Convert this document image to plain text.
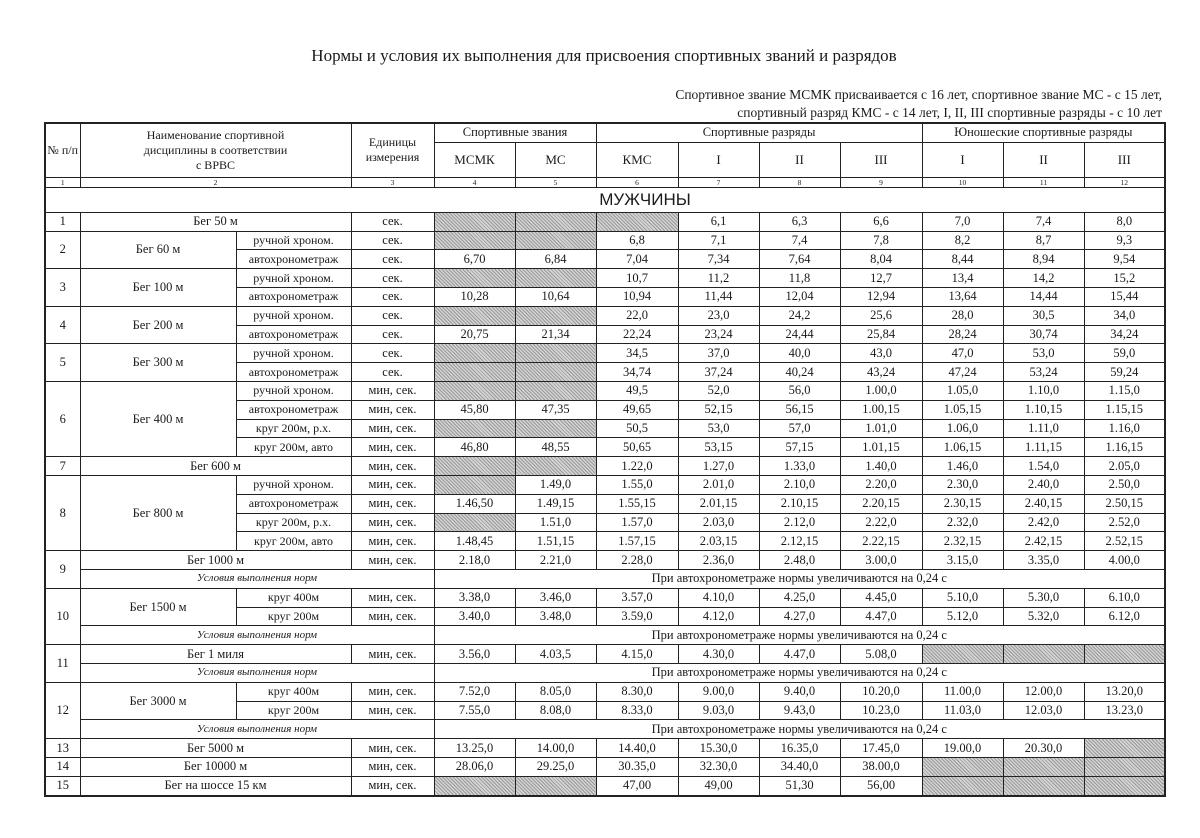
Нормы и условия их выполнения для присвоения спортивных званий и разрядов
Спортивное звание МСМК присваивается с 16 лет, спортивное звание МС - с 15 лет,
спортивный разряд КМС - с 14 лет, I, II, III спортивные разряды - с 10 лет
№ п/п	Наименование спортивной дисциплины в соответствии с ВРВС		Единицы измерения	Спортивные звания		Спортивные разряды				Юношеские спортивные разряды		
				МСМК	МС	КМС	I	II	III	I	II	III
1	2		3	4	5	6	7	8	9	10	11	12
МУЖЧИНЫ												
1	Бег 50 м		сек.				6,1	6,3	6,6	7,0	7,4	8,0
2	Бег 60 м	ручной хроном.	сек.			6,8	7,1	7,4	7,8	8,2	8,7	9,3
		автохронометраж	сек.	6,70	6,84	7,04	7,34	7,64	8,04	8,44	8,94	9,54
3	Бег 100 м	ручной хроном.	сек.			10,7	11,2	11,8	12,7	13,4	14,2	15,2
		автохронометраж	сек.	10,28	10,64	10,94	11,44	12,04	12,94	13,64	14,44	15,44
4	Бег 200 м	ручной хроном.	сек.			22,0	23,0	24,2	25,6	28,0	30,5	34,0
		автохронометраж	сек.	20,75	21,34	22,24	23,24	24,44	25,84	28,24	30,74	34,24
5	Бег 300 м	ручной хроном.	сек.			34,5	37,0	40,0	43,0	47,0	53,0	59,0
		автохронометраж	сек.			34,74	37,24	40,24	43,24	47,24	53,24	59,24
6	Бег 400 м	ручной хроном.	мин, сек.			49,5	52,0	56,0	1.00,0	1.05,0	1.10,0	1.15,0
		автохронометраж	мин, сек.	45,80	47,35	49,65	52,15	56,15	1.00,15	1.05,15	1.10,15	1.15,15
		круг 200м, р.х.	мин, сек.			50,5	53,0	57,0	1.01,0	1.06,0	1.11,0	1.16,0
		круг 200м, авто	мин, сек.	46,80	48,55	50,65	53,15	57,15	1.01,15	1.06,15	1.11,15	1.16,15
7	Бег 600 м		мин, сек.			1.22,0	1.27,0	1.33,0	1.40,0	1.46,0	1.54,0	2.05,0
8	Бег 800 м	ручной хроном.	мин, сек.		1.49,0	1.55,0	2.01,0	2.10,0	2.20,0	2.30,0	2.40,0	2.50,0
		автохронометраж	мин, сек.	1.46,50	1.49,15	1.55,15	2.01,15	2.10,15	2.20,15	2.30,15	2.40,15	2.50,15
		круг 200м, р.х.	мин, сек.		1.51,0	1.57,0	2.03,0	2.12,0	2.22,0	2.32,0	2.42,0	2.52,0
		круг 200м, авто	мин, сек.	1.48,45	1.51,15	1.57,15	2.03,15	2.12,15	2.22,15	2.32,15	2.42,15	2.52,15
9	Бег 1000 м		мин, сек.	2.18,0	2.21,0	2.28,0	2.36,0	2.48,0	3.00,0	3.15,0	3.35,0	4.00,0
	Условия выполнения норм			При автохронометраже нормы увеличиваются на 0,24 с								
10	Бег 1500 м	круг 400м	мин, сек.	3.38,0	3.46,0	3.57,0	4.10,0	4.25,0	4.45,0	5.10,0	5.30,0	6.10,0
		круг 200м	мин, сек.	3.40,0	3.48,0	3.59,0	4.12,0	4.27,0	4.47,0	5.12,0	5.32,0	6.12,0
	Условия выполнения норм			При автохронометраже нормы увеличиваются на 0,24 с								
11	Бег 1 миля		мин, сек.	3.56,0	4.03,5	4.15,0	4.30,0	4.47,0	5.08,0			
	Условия выполнения норм			При автохронометраже нормы увеличиваются на 0,24 с								
12	Бег 3000 м	круг 400м	мин, сек.	7.52,0	8.05,0	8.30,0	9.00,0	9.40,0	10.20,0	11.00,0	12.00,0	13.20,0
		круг 200м	мин, сек.	7.55,0	8.08,0	8.33,0	9.03,0	9.43,0	10.23,0	11.03,0	12.03,0	13.23,0
	Условия выполнения норм			При автохронометраже нормы увеличиваются на 0,24 с								
13	Бег 5000 м		мин, сек.	13.25,0	14.00,0	14.40,0	15.30,0	16.35,0	17.45,0	19.00,0	20.30,0	
14	Бег 10000 м		мин, сек.	28.06,0	29.25,0	30.35,0	32.30,0	34.40,0	38.00,0			
15	Бег на шоссе 15 км		мин, сек.			47,00	49,00	51,30	56,00			
